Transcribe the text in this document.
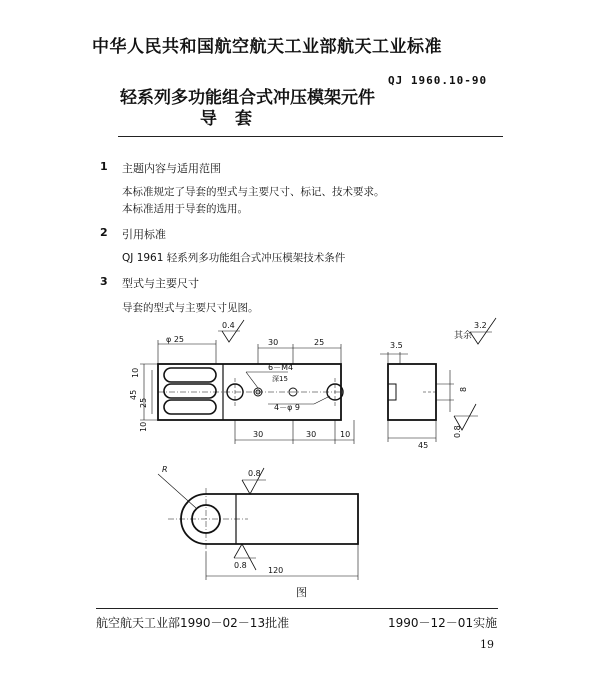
中华人民共和国航空航天工业部航天工业标准
轻系列多功能组合式冲压模架元件
导套
QJ 1960.10-90
1 主题内容与适用范围
本标准规定了导套的型式与主要尺寸、标记、技术要求。
本标准适用于导套的选用。
2 引用标准
QJ 1961 轻系列多功能组合式冲压模架技术条件
3 型式与主要尺寸
导套的型式与主要尺寸见图。
φ 25	30	25
0.4
10
45
25
10
6－M4
深15
4－φ 9
30	30	10
3.5
8
45
0.8
其余
3.2
R	0.8
0.8
120
图
航空航天工业部1990－02－13批准	1990－12－01实施
19
